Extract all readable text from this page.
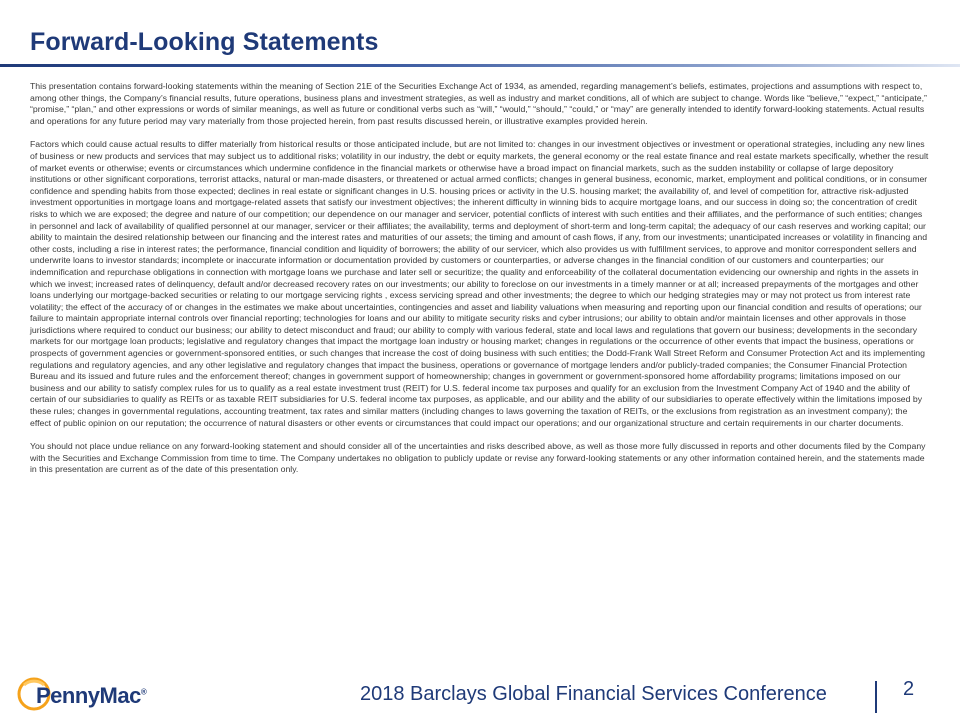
Forward-Looking Statements

This presentation contains forward-looking statements within the meaning of Section 21E of the Securities Exchange Act of 1934, as amended, regarding management’s beliefs, estimates, projections and assumptions with respect to, among other things, the Company’s financial results, future operations, business plans and investment strategies, as well as industry and market conditions, all of which are subject to change. Words like “believe,” “expect,” “anticipate,” “promise,” “plan,” and other expressions or words of similar meanings, as well as future or conditional verbs such as “will,” “would,” “should,” “could,” or “may” are generally intended to identify forward-looking statements. Actual results and operations for any future period may vary materially from those projected herein, from past results discussed herein, or illustrative examples provided herein.

Factors which could cause actual results to differ materially from historical results or those anticipated include, but are not limited to: changes in our investment objectives or investment or operational strategies, including any new lines of business or new products and services that may subject us to additional risks; volatility in our industry, the debt or equity markets, the general economy or the real estate finance and real estate markets specifically, whether the result of market events or otherwise; events or circumstances which undermine confidence in the financial markets or otherwise have a broad impact on financial markets, such as the sudden instability or collapse of large depository institutions or other significant corporations, terrorist attacks, natural or man-made disasters, or threatened or actual armed conflicts; changes in general business, economic, market, employment and political conditions, or in consumer confidence and spending habits from those expected; declines in real estate or significant changes in U.S. housing prices or activity in the U.S. housing market; the availability of, and level of competition for, attractive risk-adjusted investment opportunities in mortgage loans and mortgage-related assets that satisfy our investment objectives; the inherent difficulty in winning bids to acquire mortgage loans, and our success in doing so; the concentration of credit risks to which we are exposed; the degree and nature of our competition; our dependence on our manager and servicer, potential conflicts of interest with such entities and their affiliates, and the performance of such entities; changes in personnel and lack of availability of qualified personnel at our manager, servicer or their affiliates; the availability, terms and deployment of short-term and long-term capital; the adequacy of our cash reserves and working capital; our ability to maintain the desired relationship between our financing and the interest rates and maturities of our assets; the timing and amount of cash flows, if any, from our investments; unanticipated increases or volatility in financing and other costs, including a rise in interest rates; the performance, financial condition and liquidity of borrowers; the ability of our servicer, which also provides us with fulfillment services, to approve and monitor correspondent sellers and underwrite loans to investor standards; incomplete or inaccurate information or documentation provided by customers or counterparties, or adverse changes in the financial condition of our customers and counterparties; our indemnification and repurchase obligations in connection with mortgage loans we purchase and later sell or securitize; the quality and enforceability of the collateral documentation evidencing our ownership and rights in the assets in which we invest; increased rates of delinquency, default and/or decreased recovery rates on our investments; our ability to foreclose on our investments in a timely manner or at all; increased prepayments of the mortgages and other loans underlying our mortgage-backed securities or relating to our mortgage servicing rights , excess servicing spread and other investments; the degree to which our hedging strategies may or may not protect us from interest rate volatility; the effect of the accuracy of or changes in the estimates we make about uncertainties, contingencies and asset and liability valuations when measuring and reporting upon our financial condition and results of operations; our failure to maintain appropriate internal controls over financial reporting; technologies for loans and our ability to mitigate security risks and cyber intrusions; our ability to obtain and/or maintain licenses and other approvals in those jurisdictions where required to conduct our business; our ability to detect misconduct and fraud; our ability to comply with various federal, state and local laws and regulations that govern our business; developments in the secondary markets for our mortgage loan products; legislative and regulatory changes that impact the mortgage loan industry or housing market; changes in regulations or the occurrence of other events that impact the business, operations or prospects of government agencies or government-sponsored entities, or such changes that increase the cost of doing business with such entities; the Dodd-Frank Wall Street Reform and Consumer Protection Act and its implementing regulations and regulatory agencies, and any other legislative and regulatory changes that impact the business, operations or governance of mortgage lenders and/or publicly-traded companies; the Consumer Financial Protection Bureau and its issued and future rules and the enforcement thereof; changes in government support of homeownership; changes in government or government-sponsored home affordability programs; limitations imposed on our business and our ability to satisfy complex rules for us to qualify as a real estate investment trust (REIT) for U.S. federal income tax purposes and qualify for an exclusion from the Investment Company Act of 1940 and the ability of certain of our subsidiaries to qualify as REITs or as taxable REIT subsidiaries for U.S. federal income tax purposes, as applicable, and our ability and the ability of our subsidiaries to operate effectively within the limitations imposed by these rules; changes in governmental regulations, accounting treatment, tax rates and similar matters (including changes to laws governing the taxation of REITs, or the exclusions from registration as an investment company); the effect of public opinion on our reputation; the occurrence of natural disasters or other events or circumstances that could impact our operations; and our organizational structure and certain requirements in our charter documents.

You should not place undue reliance on any forward-looking statement and should consider all of the uncertainties and risks described above, as well as those more fully discussed in reports and other documents filed by the Company with the Securities and Exchange Commission from time to time. The Company undertakes no obligation to publicly update or revise any forward-looking statements or any other information contained herein, and the statements made in this presentation are current as of the date of this presentation only.

PennyMac®	2018 Barclays Global Financial Services Conference	2
